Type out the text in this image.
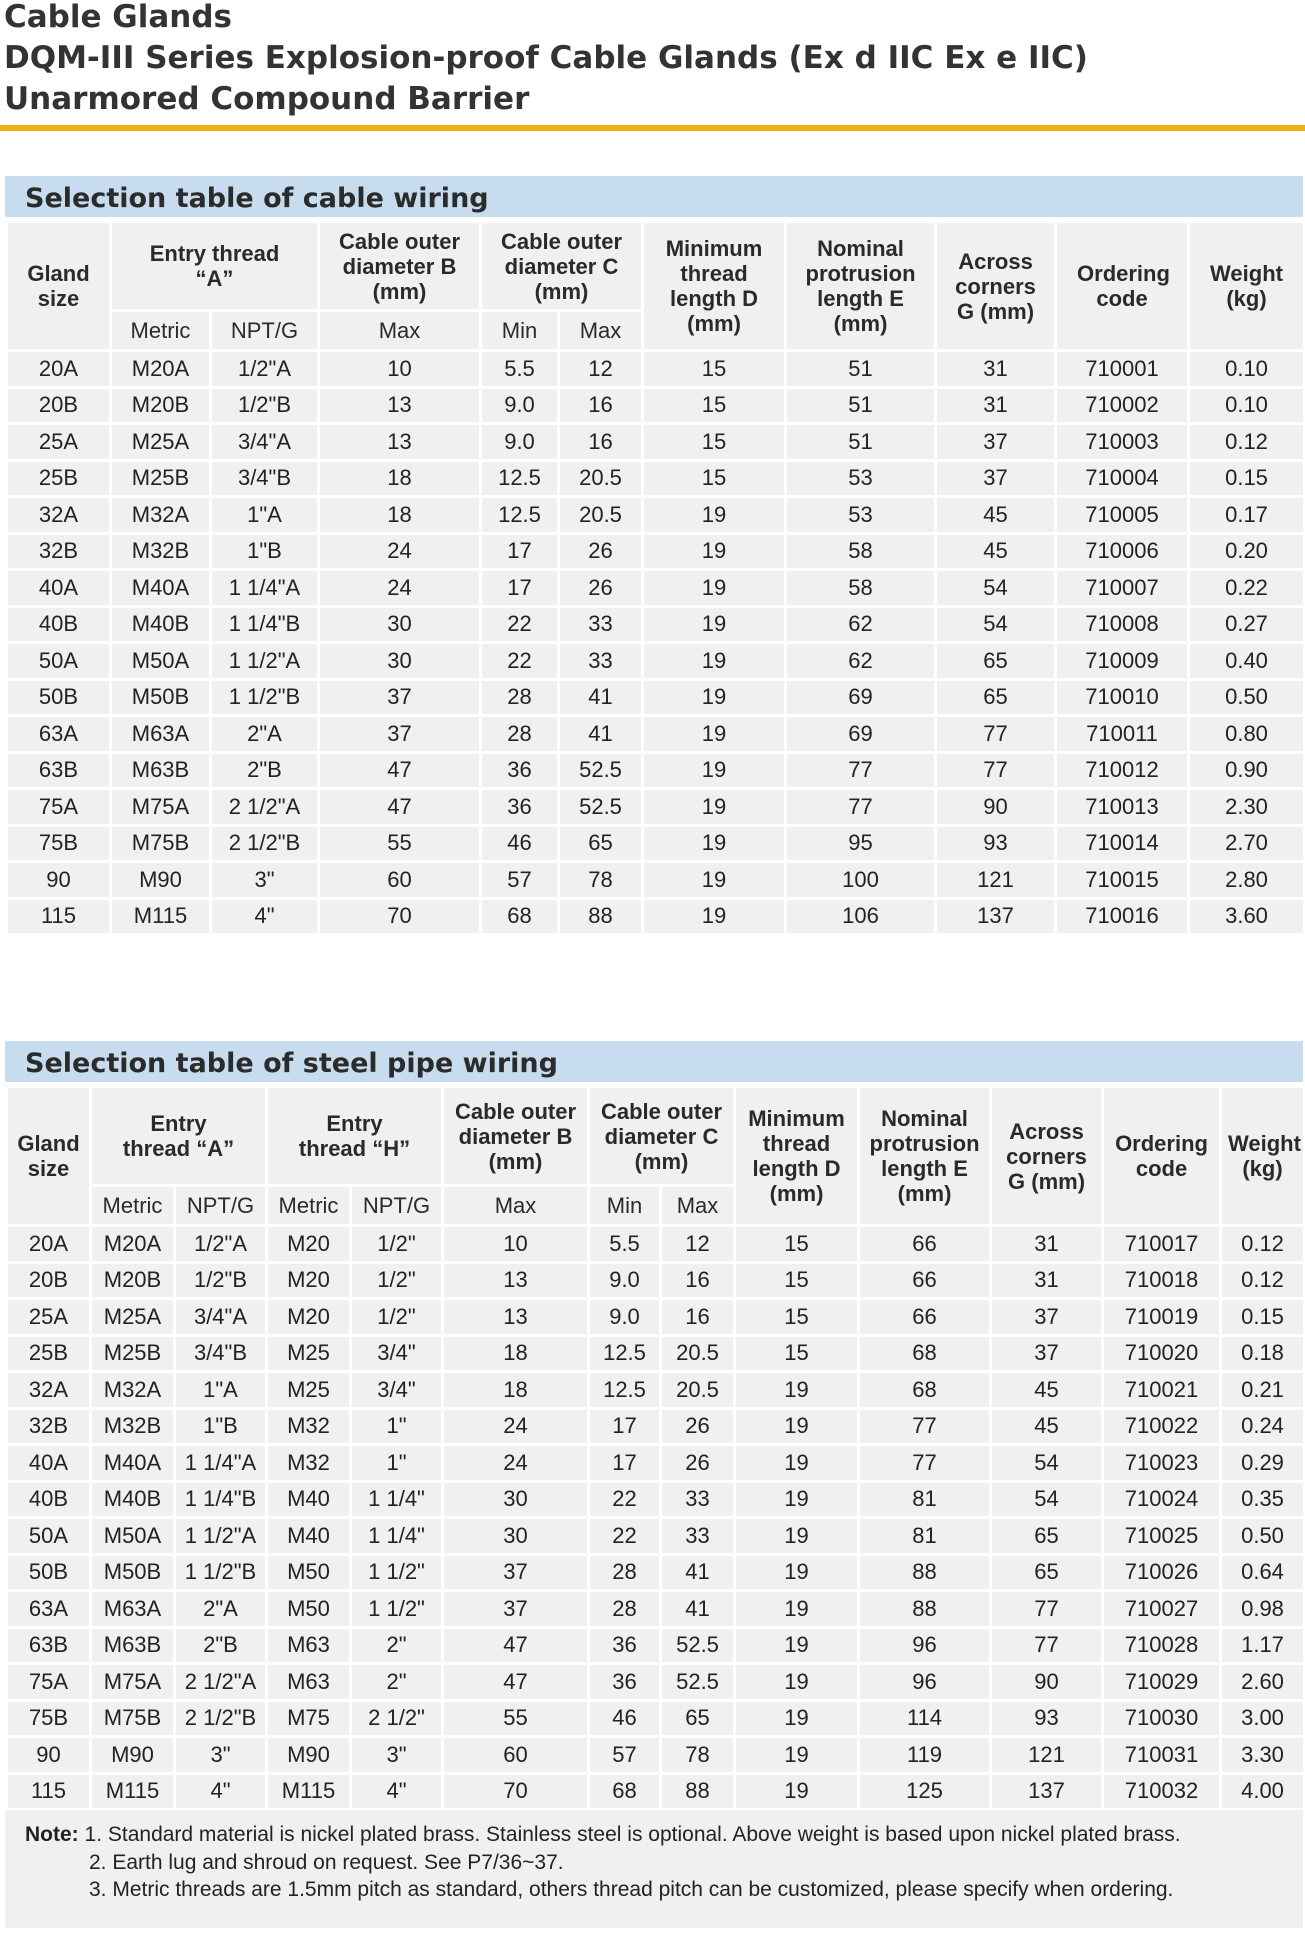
Cable Glands
DQM-III Series Explosion-proof Cable Glands (Ex d IIC Ex e IIC)
Unarmored Compound Barrier
Selection table of cable wiring
Gland size	Entry thread “A”		Cable outer diameter B (mm)	Cable outer diameter C (mm)		Minimum thread length D (mm)	Nominal protrusion length E (mm)	Across corners G (mm)	Ordering code	Weight (kg)
	Metric	NPT/G	Max	Min	Max					
20A	M20A	1/2"A	10	5.5	12	15	51	31	710001	0.10
20B	M20B	1/2"B	13	9.0	16	15	51	31	710002	0.10
25A	M25A	3/4"A	13	9.0	16	15	51	37	710003	0.12
25B	M25B	3/4"B	18	12.5	20.5	15	53	37	710004	0.15
32A	M32A	1"A	18	12.5	20.5	19	53	45	710005	0.17
32B	M32B	1"B	24	17	26	19	58	45	710006	0.20
40A	M40A	1 1/4"A	24	17	26	19	58	54	710007	0.22
40B	M40B	1 1/4"B	30	22	33	19	62	54	710008	0.27
50A	M50A	1 1/2"A	30	22	33	19	62	65	710009	0.40
50B	M50B	1 1/2"B	37	28	41	19	69	65	710010	0.50
63A	M63A	2"A	37	28	41	19	69	77	710011	0.80
63B	M63B	2"B	47	36	52.5	19	77	77	710012	0.90
75A	M75A	2 1/2"A	47	36	52.5	19	77	90	710013	2.30
75B	M75B	2 1/2"B	55	46	65	19	95	93	710014	2.70
90	M90	3"	60	57	78	19	100	121	710015	2.80
115	M115	4"	70	68	88	19	106	137	710016	3.60
Selection table of steel pipe wiring
Gland size	Entry thread “A”		Entry thread “H”		Cable outer diameter B (mm)	Cable outer diameter C (mm)		Minimum thread length D (mm)	Nominal protrusion length E (mm)	Across corners G (mm)	Ordering code	Weight (kg)
	Metric	NPT/G	Metric	NPT/G	Max	Min	Max					
20A	M20A	1/2"A	M20	1/2"	10	5.5	12	15	66	31	710017	0.12
20B	M20B	1/2"B	M20	1/2"	13	9.0	16	15	66	31	710018	0.12
25A	M25A	3/4"A	M20	1/2"	13	9.0	16	15	66	37	710019	0.15
25B	M25B	3/4"B	M25	3/4"	18	12.5	20.5	15	68	37	710020	0.18
32A	M32A	1"A	M25	3/4"	18	12.5	20.5	19	68	45	710021	0.21
32B	M32B	1"B	M32	1"	24	17	26	19	77	45	710022	0.24
40A	M40A	1 1/4"A	M32	1"	24	17	26	19	77	54	710023	0.29
40B	M40B	1 1/4"B	M40	1 1/4"	30	22	33	19	81	54	710024	0.35
50A	M50A	1 1/2"A	M40	1 1/4"	30	22	33	19	81	65	710025	0.50
50B	M50B	1 1/2"B	M50	1 1/2"	37	28	41	19	88	65	710026	0.64
63A	M63A	2"A	M50	1 1/2"	37	28	41	19	88	77	710027	0.98
63B	M63B	2"B	M63	2"	47	36	52.5	19	96	77	710028	1.17
75A	M75A	2 1/2"A	M63	2"	47	36	52.5	19	96	90	710029	2.60
75B	M75B	2 1/2"B	M75	2 1/2"	55	46	65	19	114	93	710030	3.00
90	M90	3"	M90	3"	60	57	78	19	119	121	710031	3.30
115	M115	4"	M115	4"	70	68	88	19	125	137	710032	4.00
Note: 1. Standard material is nickel plated brass. Stainless steel is optional. Above weight is based upon nickel plated brass.
2. Earth lug and shroud on request. See P7/36~37.
3. Metric threads are 1.5mm pitch as standard, others thread pitch can be customized, please specify when ordering.
